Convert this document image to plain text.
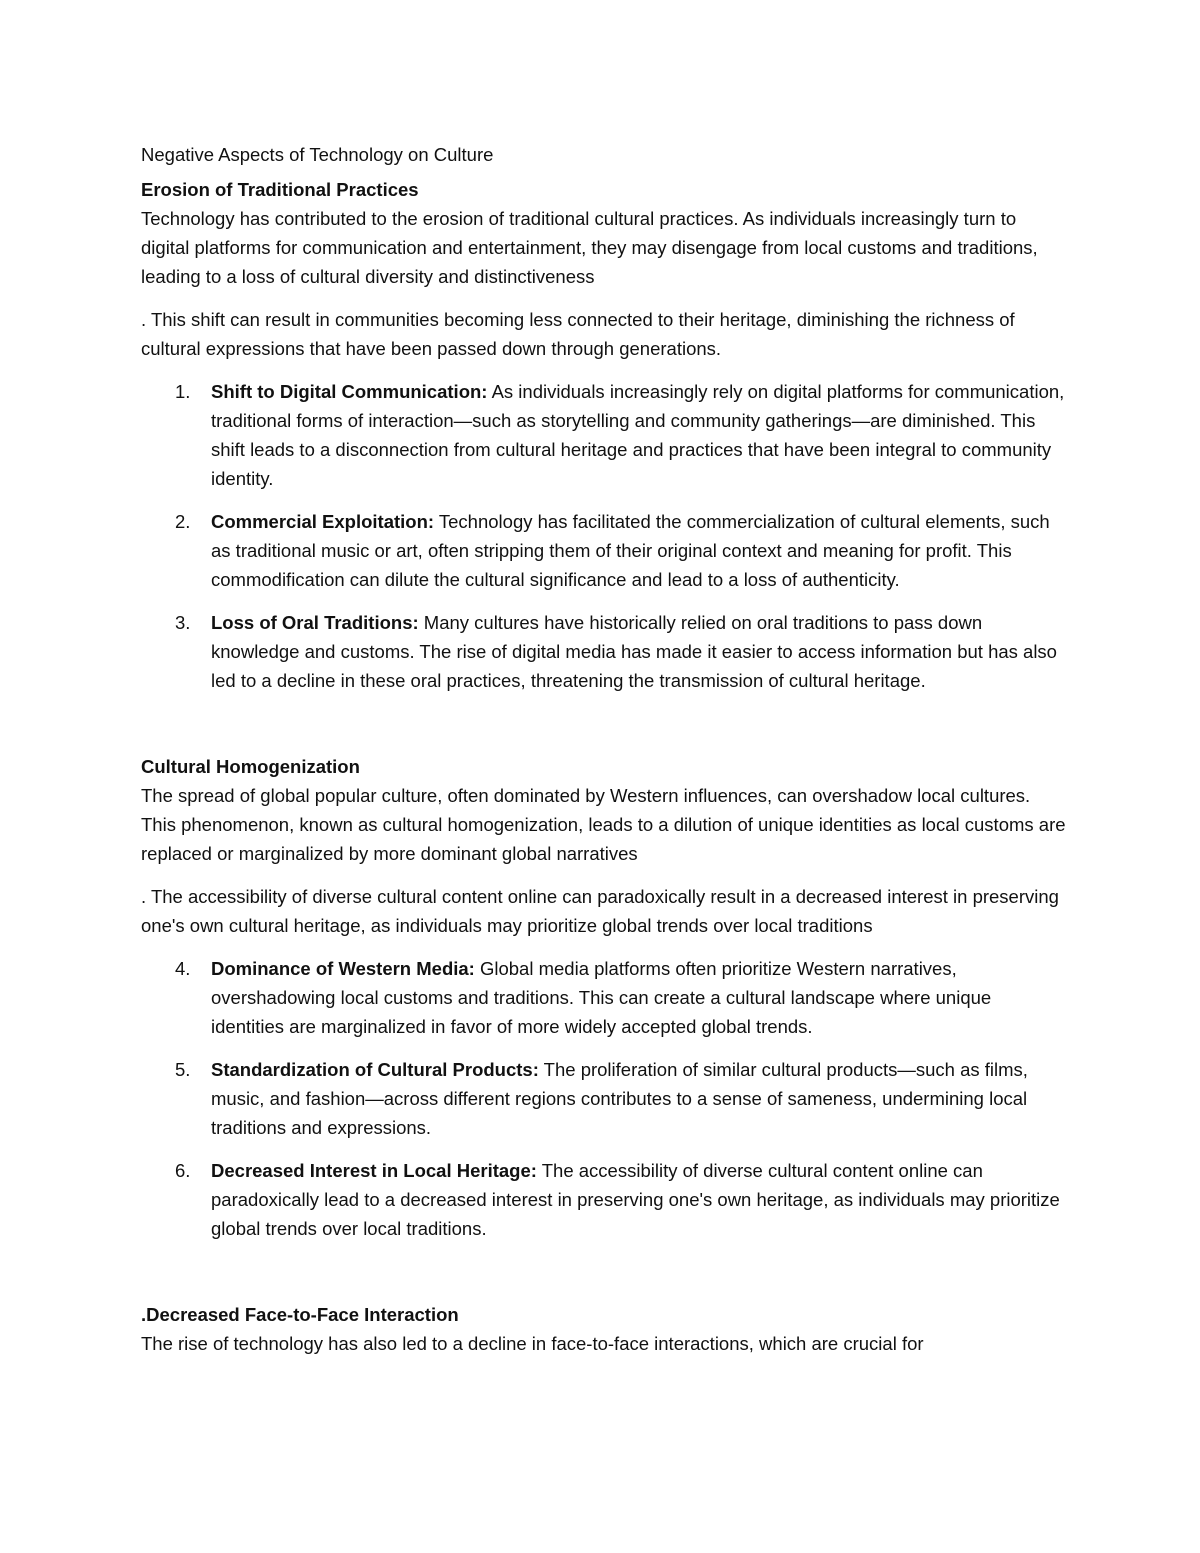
Negative Aspects of Technology on Culture

Erosion of Traditional Practices

Technology has contributed to the erosion of traditional cultural practices. As individuals increasingly turn to digital platforms for communication and entertainment, they may disengage from local customs and traditions, leading to a loss of cultural diversity and distinctiveness

. This shift can result in communities becoming less connected to their heritage, diminishing the richness of cultural expressions that have been passed down through generations.

1. Shift to Digital Communication: As individuals increasingly rely on digital platforms for communication, traditional forms of interaction—such as storytelling and community gatherings—are diminished. This shift leads to a disconnection from cultural heritage and practices that have been integral to community identity.
2. Commercial Exploitation: Technology has facilitated the commercialization of cultural elements, such as traditional music or art, often stripping them of their original context and meaning for profit. This commodification can dilute the cultural significance and lead to a loss of authenticity.
3. Loss of Oral Traditions: Many cultures have historically relied on oral traditions to pass down knowledge and customs. The rise of digital media has made it easier to access information but has also led to a decline in these oral practices, threatening the transmission of cultural heritage.
Cultural Homogenization

The spread of global popular culture, often dominated by Western influences, can overshadow local cultures. This phenomenon, known as cultural homogenization, leads to a dilution of unique identities as local customs are replaced or marginalized by more dominant global narratives

. The accessibility of diverse cultural content online can paradoxically result in a decreased interest in preserving one's own cultural heritage, as individuals may prioritize global trends over local traditions

4. Dominance of Western Media: Global media platforms often prioritize Western narratives, overshadowing local customs and traditions. This can create a cultural landscape where unique identities are marginalized in favor of more widely accepted global trends.
5. Standardization of Cultural Products: The proliferation of similar cultural products—such as films, music, and fashion—across different regions contributes to a sense of sameness, undermining local traditions and expressions.
6. Decreased Interest in Local Heritage: The accessibility of diverse cultural content online can paradoxically lead to a decreased interest in preserving one's own heritage, as individuals may prioritize global trends over local traditions.
.Decreased Face-to-Face Interaction

The rise of technology has also led to a decline in face-to-face interactions, which are crucial for
